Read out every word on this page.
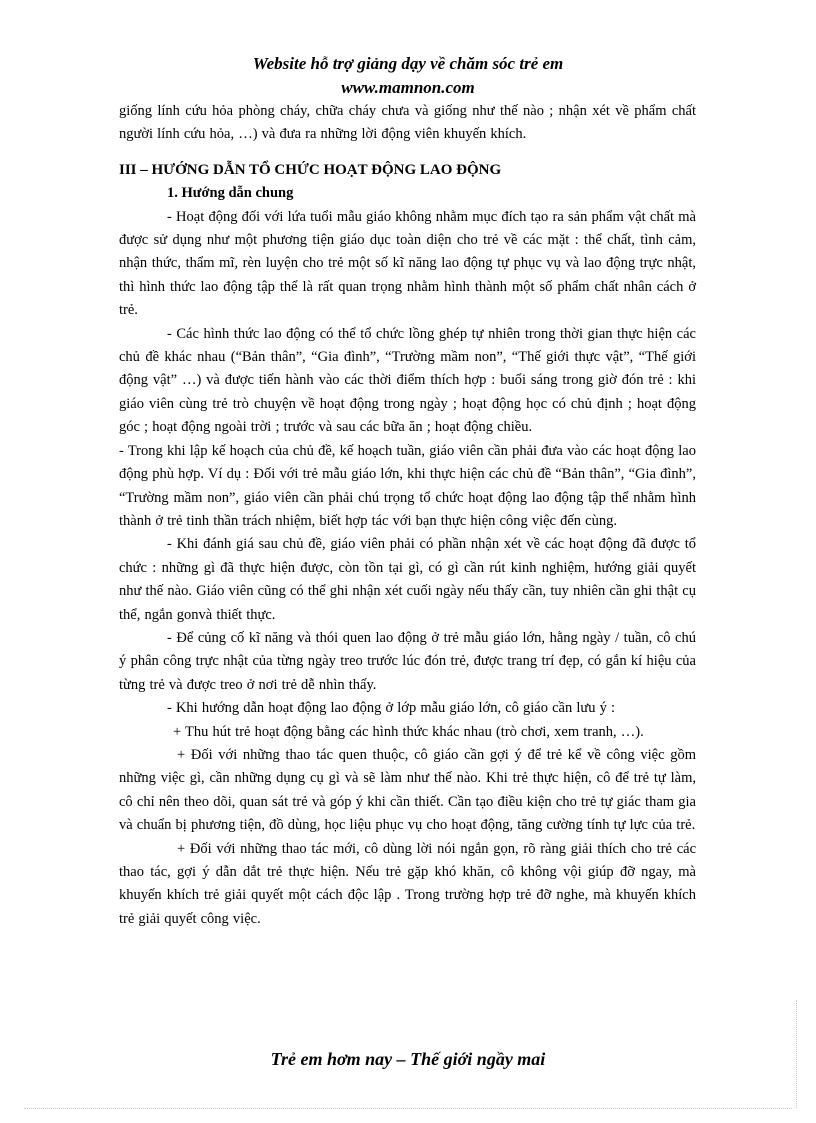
Website hỗ trợ giảng dạy về chăm sóc trẻ em
www.mamnon.com

giống lính cứu hỏa phòng cháy, chữa cháy chưa và giống như thế nào ; nhận xét về phẩm chất người lính cứu hỏa, …) và đưa ra những lời động viên khuyến khích.

III – HƯỚNG DẪN TỔ CHỨC HOẠT ĐỘNG LAO ĐỘNG

1. Hướng dẫn chung

- Hoạt động đối với lứa tuổi mẫu giáo không nhằm mục đích tạo ra sản phẩm vật chất mà được sử dụng như một phương tiện giáo dục toàn diện cho trẻ về các mặt : thể chất, tình cảm, nhận thức, thẩm mĩ, rèn luyện cho trẻ một số kĩ năng lao động tự phục vụ và lao động trực nhật, thì hình thức lao động tập thể là rất quan trọng nhằm hình thành một số phẩm chất nhân cách ở trẻ.

- Các hình thức lao động có thể tổ chức lồng ghép tự nhiên trong thời gian thực hiện các chủ đề khác nhau (“Bản thân”, “Gia đình”, “Trường mầm non”, “Thế giới thực vật”, “Thế giới động vật” …) và được tiến hành vào các thời điểm thích hợp : buổi sáng trong giờ đón trẻ : khi giáo viên cùng trẻ trò chuyện về hoạt động trong ngày ; hoạt động học có chủ định ; hoạt động góc ; hoạt động ngoài trời ; trước và sau các bữa ăn ; hoạt động chiều.

- Trong khi lập kế hoạch của chủ đề, kế hoạch tuần, giáo viên cần phải đưa vào các hoạt động lao động phù hợp. Ví dụ : Đối với trẻ mẫu giáo lớn, khi thực hiện các chủ đề “Bản thân”, “Gia đình”, “Trường mầm non”, giáo viên cần phải chú trọng tổ chức hoạt động lao động tập thể nhằm hình thành ở trẻ tinh thần trách nhiệm, biết hợp tác với bạn thực hiện công việc đến cùng.

- Khi đánh giá sau chủ đề, giáo viên phải có phần nhận xét về các hoạt động đã được tổ chức : những gì đã thực hiện được, còn tồn tại gì, có gì cần rút kinh nghiệm, hướng giải quyết như thế nào. Giáo viên cũng có thể ghi nhận xét cuối ngày nếu thấy cần, tuy nhiên cần ghi thật cụ thể, ngắn gonvà thiết thực.

- Để củng cố kĩ năng và thói quen lao động ở trẻ mẫu giáo lớn, hằng ngày / tuần, cô chú ý phân công trực nhật của từng ngày treo trước lúc đón trẻ, được trang trí đẹp, có gắn kí hiệu của từng trẻ và được treo ở nơi trẻ dễ nhìn thấy.

- Khi hướng dẫn hoạt động lao động ở lớp mẫu giáo lớn, cô giáo cần lưu ý :

+ Thu hút trẻ hoạt động bằng các hình thức khác nhau (trò chơi, xem tranh, …).

+ Đối với những thao tác quen thuộc, cô giáo cần gợi ý để trẻ kể về công việc gồm những việc gì, cần những dụng cụ gì và sẽ làm như thế nào. Khi trẻ thực hiện, cô để trẻ tự làm, cô chỉ nên theo dõi, quan sát trẻ và góp ý khi cần thiết. Cần tạo điều kiện cho trẻ tự giác tham gia và chuẩn bị phương tiện, đồ dùng, học liệu phục vụ cho hoạt động, tăng cường tính tự lực của trẻ.

+ Đối với những thao tác mới, cô dùng lời nói ngắn gọn, rõ ràng giải thích cho trẻ các thao tác, gợi ý dẫn dắt trẻ thực hiện. Nếu trẻ gặp khó khăn, cô không vội giúp đỡ ngay, mà khuyến khích trẻ giải quyết một cách độc lập . Trong trường hợp trẻ đỡ nghe, mà khuyến khích trẻ giải quyết công việc.

Trẻ em hơm nay – Thế giới ngầy mai
